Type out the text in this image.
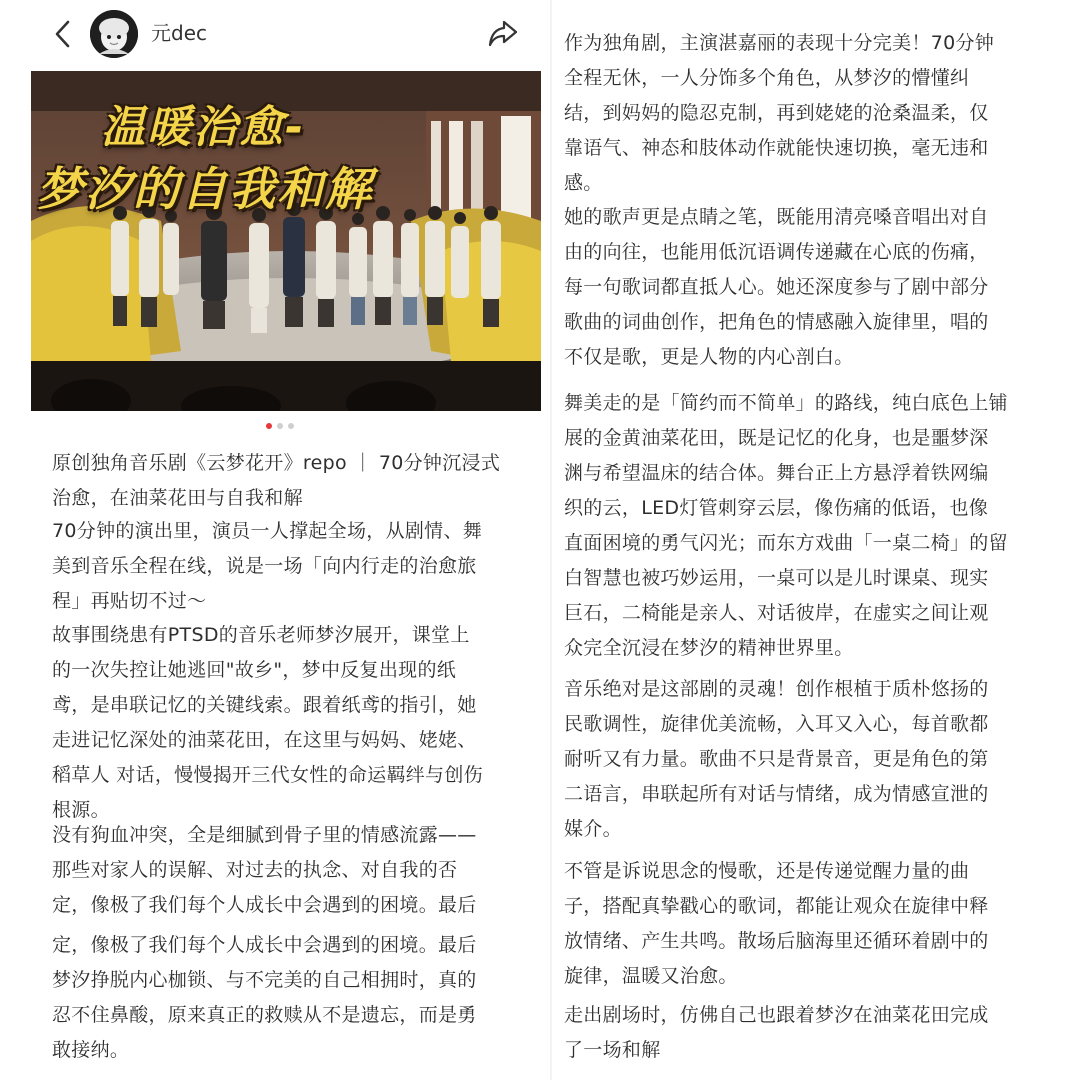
元dec
温暖治愈-
梦汐的自我和解
原创独角音乐剧《云梦花开》repo ｜ 70分钟沉浸式
治愈，在油菜花田与自我和解
70分钟的演出里，演员一人撑起全场，从剧情、舞
美到音乐全程在线，说是一场「向内行走的治愈旅
程」再贴切不过～
故事围绕患有PTSD的音乐老师梦汐展开，课堂上
的一次失控让她逃回"故乡"，梦中反复出现的纸
鸢，是串联记忆的关键线索。跟着纸鸢的指引，她
走进记忆深处的油菜花田，在这里与妈妈、姥姥、
稻草人 对话，慢慢揭开三代女性的命运羁绊与创伤
根源。
没有狗血冲突，全是细腻到骨子里的情感流露——
那些对家人的误解、对过去的执念、对自我的否
定，像极了我们每个人成长中会遇到的困境。最后
定，像极了我们每个人成长中会遇到的困境。最后
梦汐挣脱内心枷锁、与不完美的自己相拥时，真的
忍不住鼻酸，原来真正的救赎从不是遗忘，而是勇
敢接纳。
作为独角剧，主演湛嘉丽的表现十分完美！70分钟
全程无休，一人分饰多个角色，从梦汐的懵懂纠
结，到妈妈的隐忍克制，再到姥姥的沧桑温柔，仅
靠语气、神态和肢体动作就能快速切换，毫无违和
感。
她的歌声更是点睛之笔，既能用清亮嗓音唱出对自
由的向往，也能用低沉语调传递藏在心底的伤痛，
每一句歌词都直抵人心。她还深度参与了剧中部分
歌曲的词曲创作，把角色的情感融入旋律里，唱的
不仅是歌，更是人物的内心剖白。
舞美走的是「简约而不简单」的路线，纯白底色上铺
展的金黄油菜花田，既是记忆的化身，也是噩梦深
渊与希望温床的结合体。舞台正上方悬浮着铁网编
织的云，LED灯管刺穿云层，像伤痛的低语，也像
直面困境的勇气闪光；而东方戏曲「一桌二椅」的留
白智慧也被巧妙运用，一桌可以是儿时课桌、现实
巨石，二椅能是亲人、对话彼岸，在虚实之间让观
众完全沉浸在梦汐的精神世界里。
音乐绝对是这部剧的灵魂！创作根植于质朴悠扬的
民歌调性，旋律优美流畅，入耳又入心，每首歌都
耐听又有力量。歌曲不只是背景音，更是角色的第
二语言，串联起所有对话与情绪，成为情感宣泄的
媒介。
不管是诉说思念的慢歌，还是传递觉醒力量的曲
子，搭配真挚戳心的歌词，都能让观众在旋律中释
放情绪、产生共鸣。散场后脑海里还循环着剧中的
旋律，温暖又治愈。
走出剧场时，仿佛自己也跟着梦汐在油菜花田完成
了一场和解
